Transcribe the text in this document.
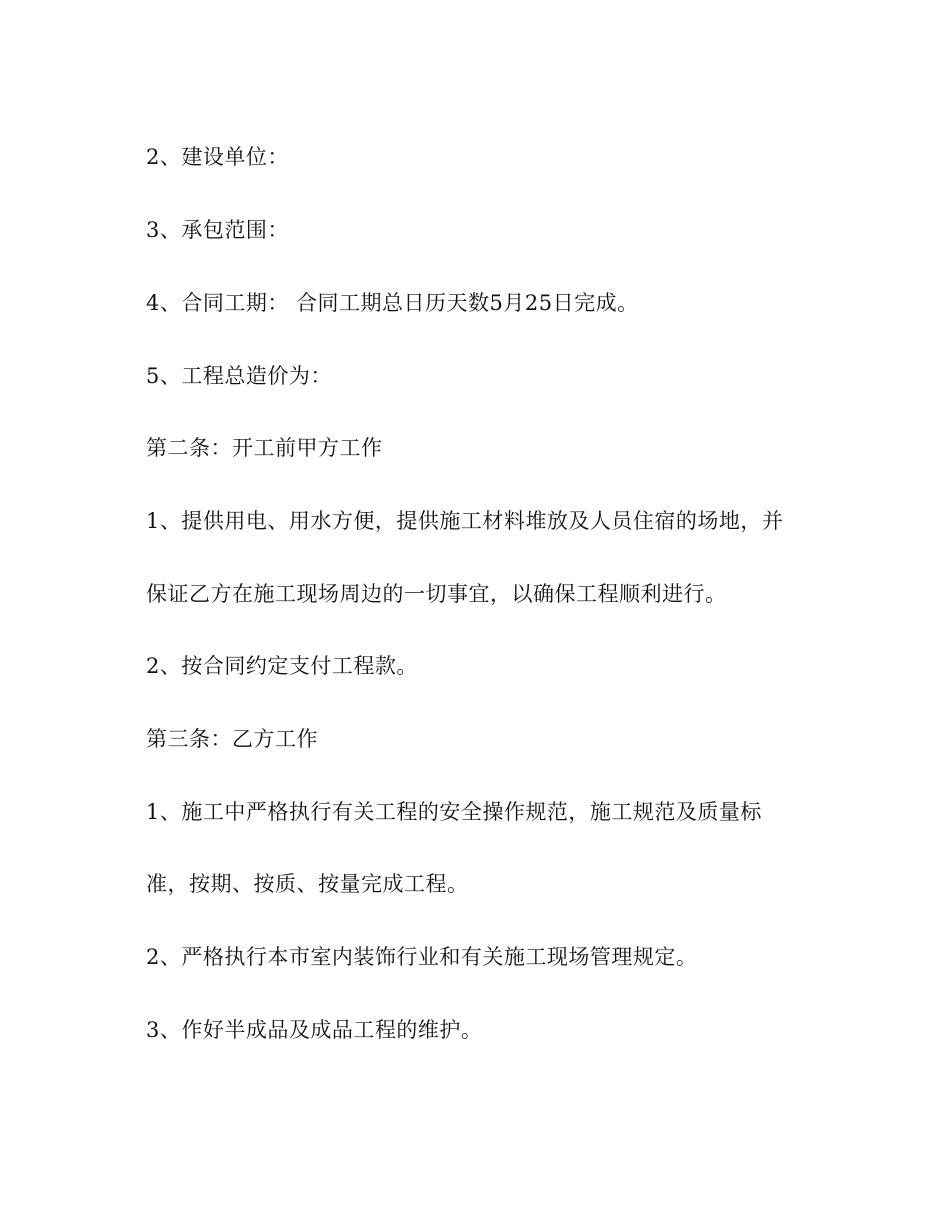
2、建设单位：

3、承包范围：

4、合同工期： 合同工期总日历天数5月25日完成。

5、工程总造价为：

第二条：开工前甲方工作

1、提供用电、用水方便，提供施工材料堆放及人员住宿的场地，并

保证乙方在施工现场周边的一切事宜，以确保工程顺利进行。

2、按合同约定支付工程款。

第三条：乙方工作

1、施工中严格执行有关工程的安全操作规范，施工规范及质量标

准，按期、按质、按量完成工程。

2、严格执行本市室内装饰行业和有关施工现场管理规定。

3、作好半成品及成品工程的维护。
